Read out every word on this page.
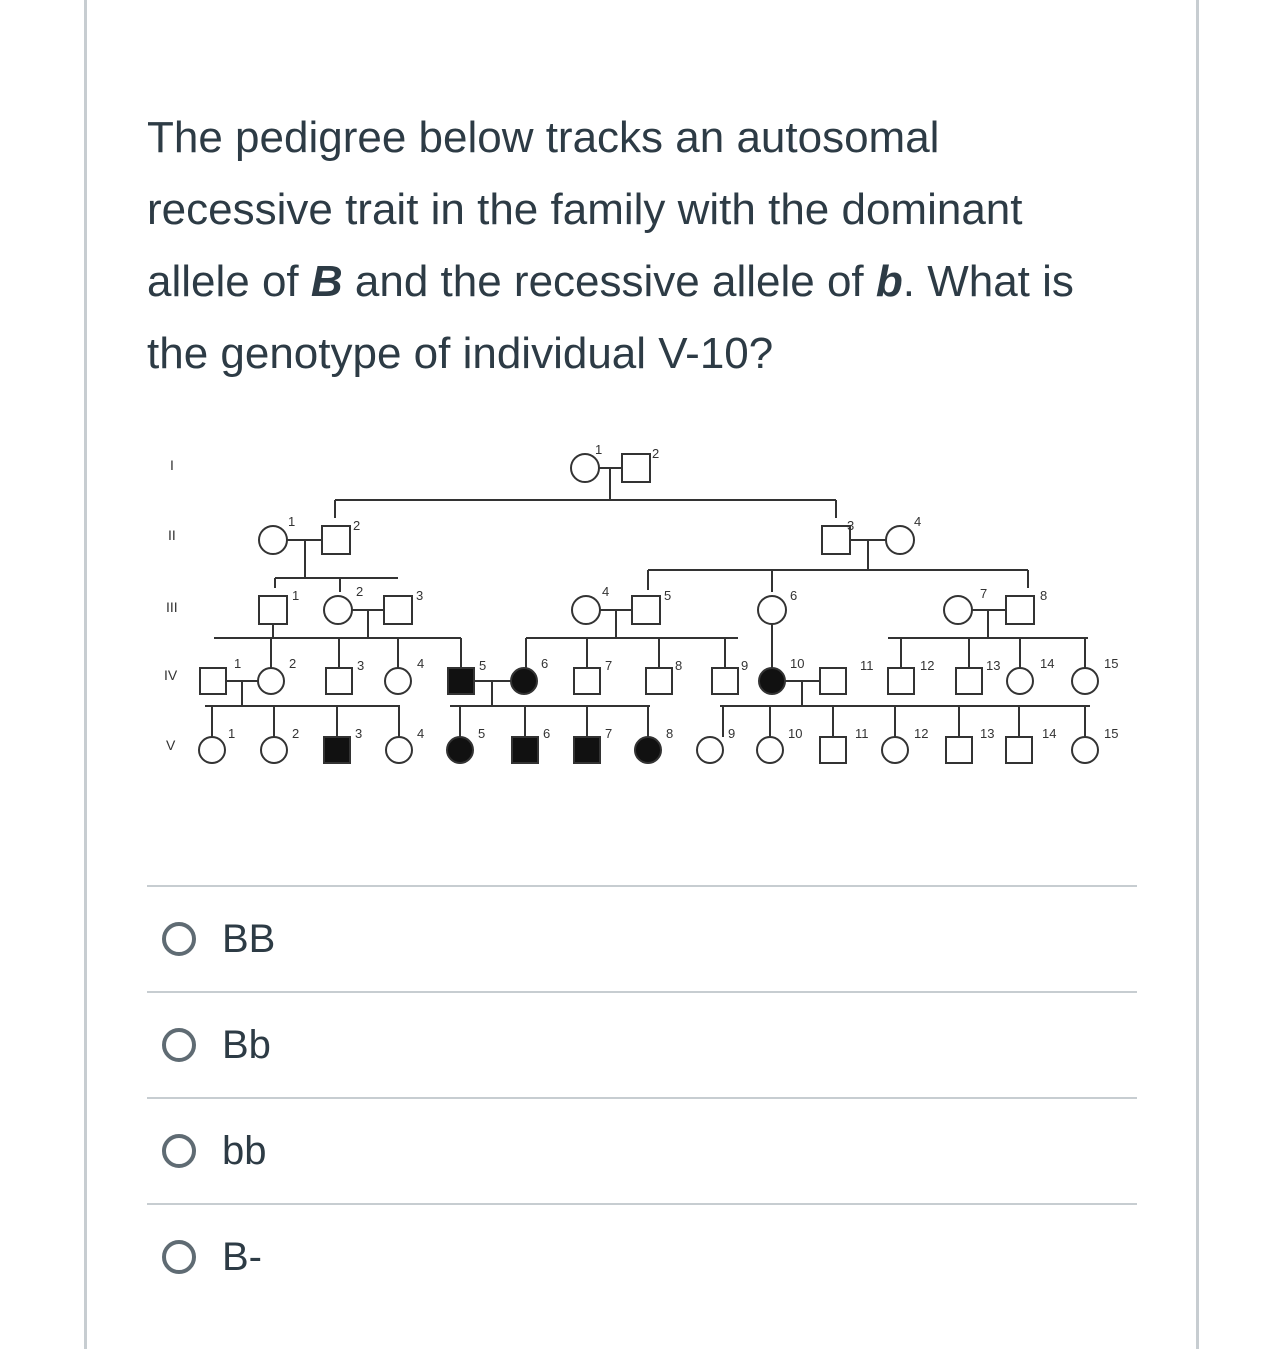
The pedigree below tracks an autosomal recessive trait in the family with the dominant allele of B and the recessive allele of b. What is the genotype of individual V-10?
I
II
III
IV
V
1	2
1	2	3	4
1	2	3	4	5	6	7	8
1	2	3	4	5	6	7	8	9	10	11	12	13	14	15
1	2	3	4	5	6	7	8	9	10	11	12	13	14	15
BB
Bb
bb
B-
